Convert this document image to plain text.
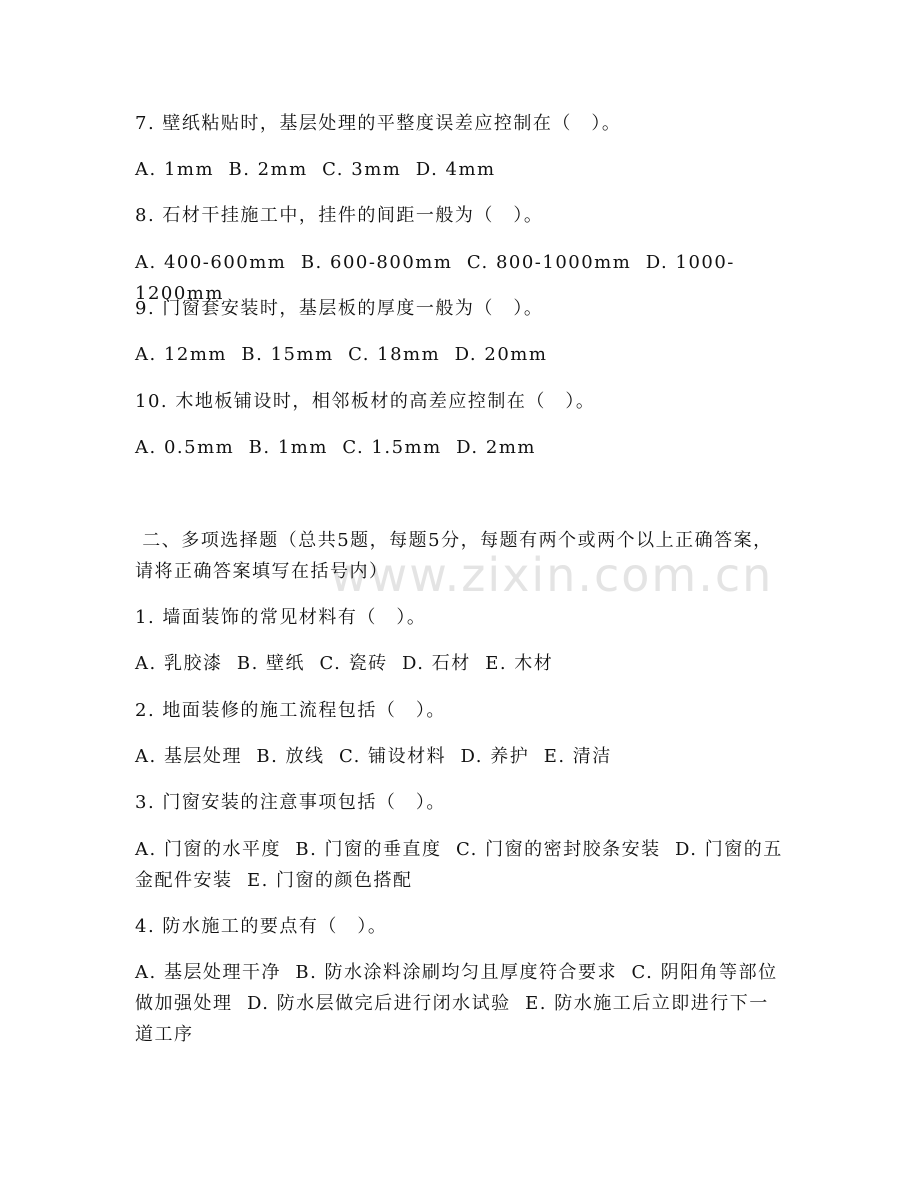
www.zixin.com.cn
7. 壁纸粘贴时，基层处理的平整度误差应控制在（　）。
A. 1mm  B. 2mm  C. 3mm  D. 4mm
8. 石材干挂施工中，挂件的间距一般为（　）。
A. 400-600mm  B. 600-800mm  C. 800-1000mm  D. 1000-1200mm
9. 门窗套安装时，基层板的厚度一般为（　）。
A. 12mm  B. 15mm  C. 18mm  D. 20mm
10. 木地板铺设时，相邻板材的高差应控制在（　）。
A. 0.5mm  B. 1mm  C. 1.5mm  D. 2mm
二、多项选择题（总共5题，每题5分，每题有两个或两个以上正确答案，请将正确答案填写在括号内）
1. 墙面装饰的常见材料有（　）。
A. 乳胶漆  B. 壁纸  C. 瓷砖  D. 石材  E. 木材
2. 地面装修的施工流程包括（　）。
A. 基层处理  B. 放线  C. 铺设材料  D. 养护  E. 清洁
3. 门窗安装的注意事项包括（　）。
A. 门窗的水平度  B. 门窗的垂直度  C. 门窗的密封胶条安装  D. 门窗的五金配件安装  E. 门窗的颜色搭配
4. 防水施工的要点有（　）。
A. 基层处理干净  B. 防水涂料涂刷均匀且厚度符合要求  C. 阴阳角等部位做加强处理  D. 防水层做完后进行闭水试验  E. 防水施工后立即进行下一道工序
